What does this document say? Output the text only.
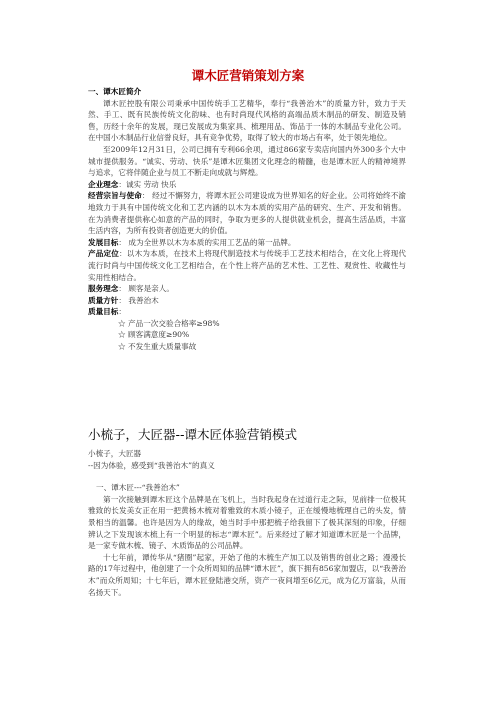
谭木匠营销策划方案

一、谭木匠简介

谭木匠控股有限公司秉承中国传统手工艺精华，奉行“我善治木”的质量方针，致力于天然、手工、既有民族传统文化韵味、也有时尚现代风格的高端品质木制品的研发、制造及销售，历经十余年的发展，现已发展成为集家具、梳理用品、饰品于一体的木制品专业化公司。在中国小木制品行业信誉良好，具有竞争优势，取得了较大的市场占有率，处于领先地位。

至2009年12月31日，公司已拥有专利66余项，通过866家专卖店向国内外300多个大中城市提供服务。“诚实、劳动、快乐”是谭木匠集团文化理念的精髓，也是谭木匠人的精神境界与追求，它将伴随企业与员工不断走向成就与辉煌。

企业理念：诚实 劳动 快乐

经营宗旨与使命： 经过不懈努力，将谭木匠公司建设成为世界知名的好企业。公司将始终不渝地致力于具有中国传统文化和工艺内涵的以木为本质的实用产品的研究、生产、开发和销售。在为消费者提供称心如意的产品的同时，争取为更多的人提供就业机会，提高生活品质，丰富生活内容，为所有投资者创造更大的价值。

发展目标： 成为全世界以木为本质的实用工艺品的第一品牌。

产品定位：以木为本质，在技术上将现代制造技术与传统手工艺技术相结合，在文化上将现代流行时尚与中国传统文化工艺相结合，在个性上将产品的艺术性、工艺性、观赏性、收藏性与实用性相结合。

服务理念： 顾客是亲人。

质量方针： 我善治木

质量目标：

☆ 产品一次交验合格率≥98%

☆ 顾客满意度≥90%

☆ 不发生重大质量事故

小梳子，大匠器--谭木匠体验营销模式

小梳子，大匠器

--因为体验，感受到“我善治木”的真义

一、谭木匠---“我善治木”

第一次接触到谭木匠这个品牌是在飞机上，当时我起身在过道行走之际，见前排一位极其雅致的长发美女正在用一把黄杨木梳对着雅致的木质小镜子，正在缓慢地梳理自己的头发，情景相当的温馨。也许是因为人的缘故，她当时手中那把梳子给我留下了极其深刻的印象，仔细辨认之下发现该木梳上有一个明显的标志“谭木匠”。后来经过了解才知道谭木匠是一个品牌，是一家专做木梳、镜子、木质饰品的公司品牌。

十七年前，谭传华从“猪圈”起家，开始了他的木梳生产加工以及销售的创业之路；漫漫长路的17年过程中，他创建了一个众所周知的品牌“谭木匠”，旗下拥有856家加盟店，以“我善治木”而众所周知；十七年后，谭木匠登陆港交所，资产一夜间增至6亿元，成为亿万富翁，从而名扬天下。
